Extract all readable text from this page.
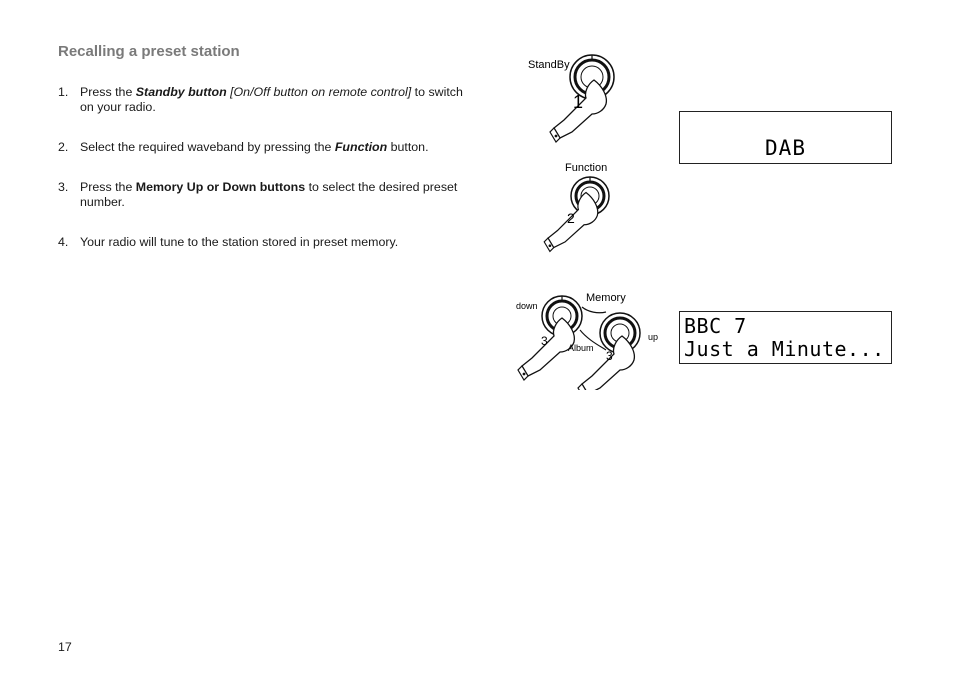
Recalling a preset station
1. Press the Standby button [On/Off button on remote control] to switch on your radio.
2. Select the required waveband by pressing the Function button.
3. Press the Memory Up or Down buttons to select the desired preset number.
4. Your radio will tune to the station stored in preset memory.
StandBy
1
Function
2
Memory
down
up
Album
3
3
DAB
BBC 7
Just a Minute...
17
